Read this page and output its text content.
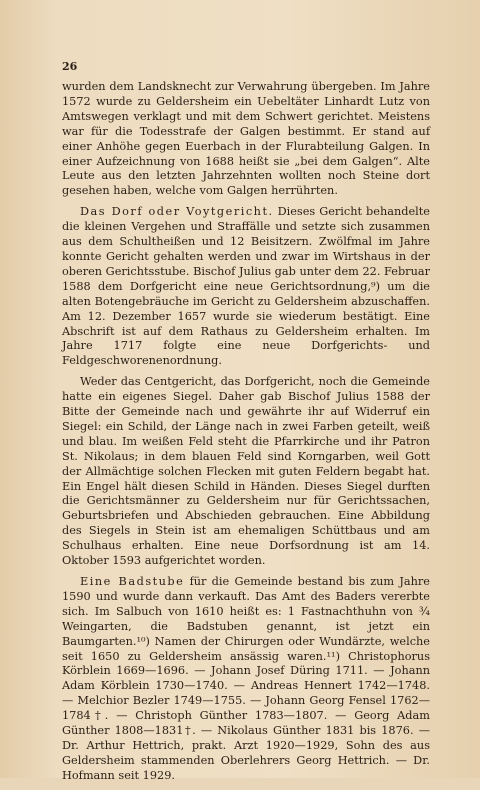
26

wurden dem Landsknecht zur Verwahrung übergeben. Im Jahre 1572 wurde zu Geldersheim ein Uebeltäter Linhardt Lutz von Amtswegen verklagt und mit dem Schwert gerichtet. Meistens war für die Todesstrafe der Galgen bestimmt. Er stand auf einer Anhöhe gegen Euerbach in der Flurabteilung Galgen. In einer Aufzeichnung von 1688 heißt sie „bei dem Galgen“. Alte Leute aus den letzten Jahrzehnten wollten noch Steine dort gesehen haben, welche vom Galgen herrührten.

Das Dorf oder Voytgericht. Dieses Gericht behandelte die kleinen Vergehen und Straffälle und setzte sich zusammen aus dem Schultheißen und 12 Beisitzern. Zwölfmal im Jahre konnte Gericht gehalten werden und zwar im Wirtshaus in der oberen Gerichtsstube. Bischof Julius gab unter dem 22. Februar 1588 dem Dorfgericht eine neue Gerichtsordnung,⁹) um die alten Botengebräuche im Gericht zu Geldersheim abzuschaffen. Am 12. Dezember 1657 wurde sie wiederum bestätigt. Eine Abschrift ist auf dem Rathaus zu Geldersheim erhalten. Im Jahre 1717 folgte eine neue Dorfgerichts- und Feldgeschworenenordnung.

Weder das Centgericht, das Dorfgericht, noch die Gemeinde hatte ein eigenes Siegel. Daher gab Bischof Julius 1588 der Bitte der Gemeinde nach und gewährte ihr auf Widerruf ein Siegel: ein Schild, der Länge nach in zwei Farben geteilt, weiß und blau. Im weißen Feld steht die Pfarrkirche und ihr Patron St. Nikolaus; in dem blauen Feld sind Korngarben, weil Gott der Allmächtige solchen Flecken mit guten Feldern begabt hat. Ein Engel hält diesen Schild in Händen. Dieses Siegel durften die Gerichtsmänner zu Geldersheim nur für Gerichtssachen, Geburtsbriefen und Abschieden gebrauchen. Eine Abbildung des Siegels in Stein ist am ehemaligen Schüttbaus und am Schulhaus erhalten. Eine neue Dorfsordnung ist am 14. Oktober 1593 aufgerichtet worden.

Eine Badstube für die Gemeinde bestand bis zum Jahre 1590 und wurde dann verkauft. Das Amt des Baders vererbte sich. Im Salbuch von 1610 heißt es: 1 Fastnachthuhn von ¾ Weingarten, die Badstuben genannt, ist jetzt ein Baumgarten.¹⁰) Namen der Chirurgen oder Wundärzte, welche seit 1650 zu Geldersheim ansässig waren.¹¹) Christophorus Körblein 1669—1696. — Johann Josef Düring 1711. — Johann Adam Körblein 1730—1740. — Andreas Hennert 1742—1748. — Melchior Bezler 1749—1755. — Johann Georg Fensel 1762—1784†. — Christoph Günther 1783—1807. — Georg Adam Günther 1808—1831†. — Nikolaus Günther 1831 bis 1876. — Dr. Arthur Hettrich, prakt. Arzt 1920—1929, Sohn des aus Geldersheim stammenden Oberlehrers Georg Hettrich. — Dr. Hofmann seit 1929.
